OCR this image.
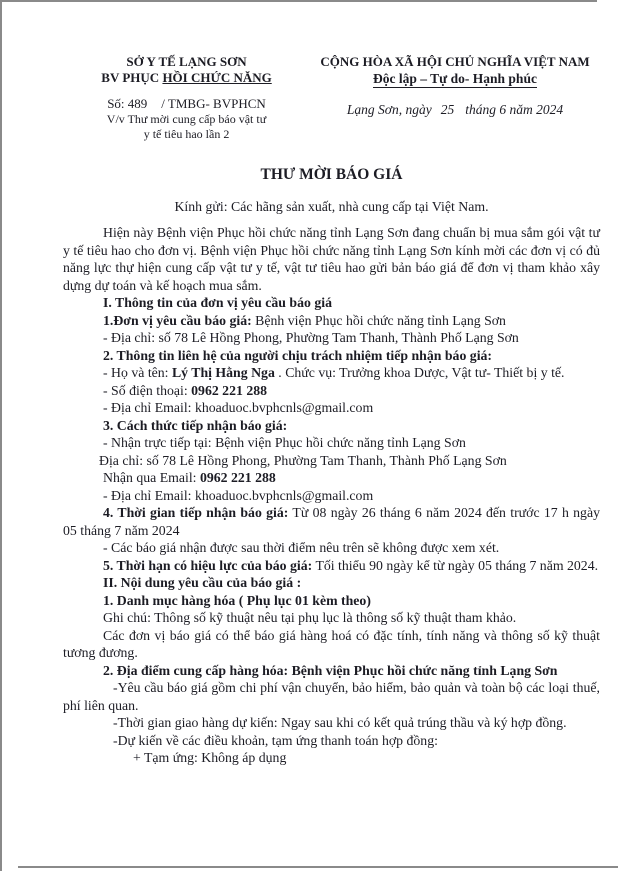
SỞ Y TẾ LẠNG SƠN
BV PHỤC HỒI CHỨC NĂNG
Số: 489 / TMBG- BVPHCN
V/v Thư mời cung cấp báo vật tư
y tế tiêu hao lần 2
CỘNG HÒA XÃ HỘI CHỦ NGHĨA VIỆT NAM
Độc lập – Tự do- Hạnh phúc
Lạng Sơn, ngày 25 tháng 6 năm 2024
THƯ MỜI BÁO GIÁ
Kính gửi: Các hãng sản xuất, nhà cung cấp tại Việt Nam.

Hiện này Bệnh viện Phục hồi chức năng tỉnh Lạng Sơn đang chuẩn bị mua sắm gói vật tư y tế tiêu hao cho đơn vị. Bệnh viện Phục hồi chức năng tỉnh Lạng Sơn kính mời các đơn vị có đủ năng lực thự hiện cung cấp vật tư y tế, vật tư tiêu hao gửi bản báo giá để đơn vị tham khảo xây dựng dự toán và kế hoạch mua sắm.

I. Thông tin của đơn vị yêu cầu báo giá

1.Đơn vị yêu cầu báo giá: Bệnh viện Phục hồi chức năng tỉnh Lạng Sơn

- Địa chỉ: số 78 Lê Hồng Phong, Phường Tam Thanh, Thành Phố Lạng Sơn

2. Thông tin liên hệ của người chịu trách nhiệm tiếp nhận báo giá:

- Họ và tên: Lý Thị Hằng Nga . Chức vụ: Trưởng khoa Dược, Vật tư- Thiết bị y tế.

- Số điện thoại: 0962 221 288

- Địa chỉ Email: khoaduoc.bvphcnls@gmail.com

3. Cách thức tiếp nhận báo giá:

- Nhận trực tiếp tại: Bệnh viện Phục hồi chức năng tỉnh Lạng Sơn

Địa chỉ: số 78 Lê Hồng Phong, Phường Tam Thanh, Thành Phố Lạng Sơn

Nhận qua Email: 0962 221 288

- Địa chỉ Email: khoaduoc.bvphcnls@gmail.com

4. Thời gian tiếp nhận báo giá: Từ 08 ngày 26 tháng 6 năm 2024 đến trước 17 h ngày 05 tháng 7 năm 2024

- Các báo giá nhận được sau thời điểm nêu trên sẽ không được xem xét.

5. Thời hạn có hiệu lực của báo giá: Tối thiểu 90 ngày kể từ ngày 05 tháng 7 năm 2024.

II. Nội dung yêu cầu của báo giá :

1. Danh mục hàng hóa ( Phụ lục 01 kèm theo)

Ghi chú: Thông số kỹ thuật nêu tại phụ lục là thông số kỹ thuật tham khảo.

Các đơn vị báo giá có thể báo giá hàng hoá có đặc tính, tính năng và thông số kỹ thuật tương đương.

2. Địa điểm cung cấp hàng hóa: Bệnh viện Phục hồi chức năng tỉnh Lạng Sơn

-Yêu cầu báo giá gồm chi phí vận chuyển, bảo hiểm, bảo quản và toàn bộ các loại thuế, phí liên quan.

-Thời gian giao hàng dự kiến: Ngay sau khi có kết quả trúng thầu và ký hợp đồng.

-Dự kiến về các điều khoản, tạm ứng thanh toán hợp đồng:

+ Tạm ứng: Không áp dụng
